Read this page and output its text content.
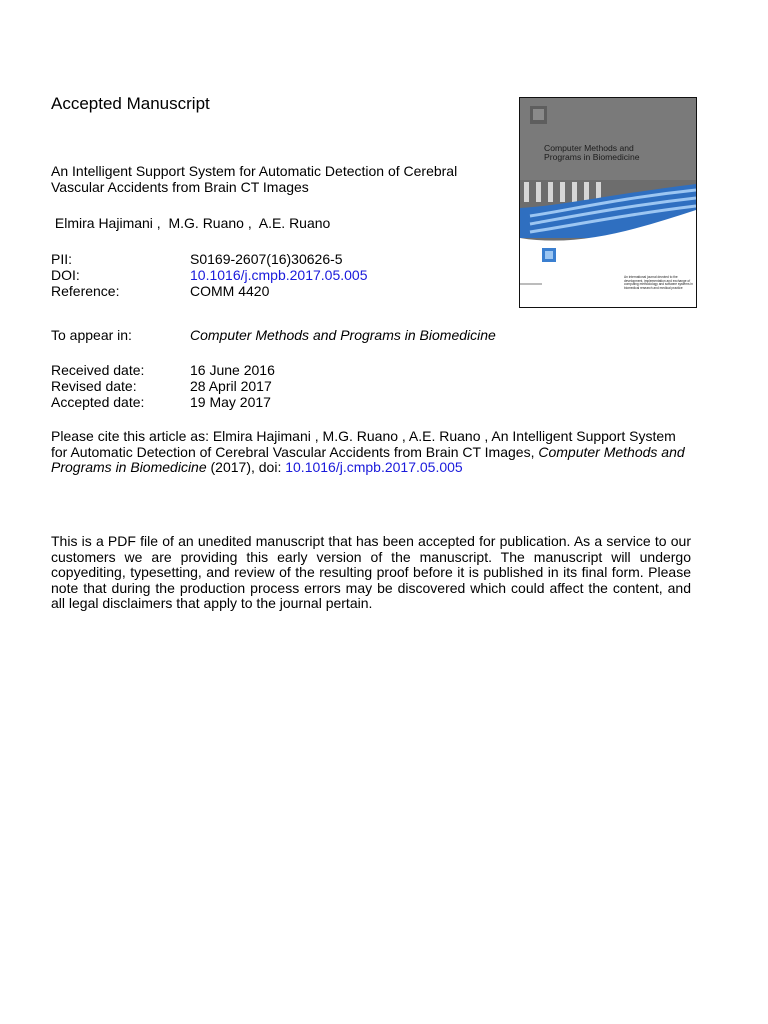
Accepted Manuscript
An Intelligent Support System for Automatic Detection of Cerebral Vascular Accidents from Brain CT Images
Elmira Hajimani ,  M.G. Ruano ,  A.E. Ruano
PII:	S0169-2607(16)30626-5
DOI:	10.1016/j.cmpb.2017.05.005
Reference:	COMM 4420
To appear in:	Computer Methods and Programs in Biomedicine
Received date:	16 June 2016
Revised date:	28 April 2017
Accepted date:	19 May 2017
Please cite this article as: Elmira Hajimani , M.G. Ruano , A.E. Ruano , An Intelligent Support System for Automatic Detection of Cerebral Vascular Accidents from Brain CT Images, Computer Methods and Programs in Biomedicine (2017), doi: 10.1016/j.cmpb.2017.05.005
This is a PDF file of an unedited manuscript that has been accepted for publication. As a service to our customers we are providing this early version of the manuscript. The manuscript will undergo copyediting, typesetting, and review of the resulting proof before it is published in its final form. Please note that during the production process errors may be discovered which could affect the content, and all legal disclaimers that apply to the journal pertain.
Computer Methods and Programs in Biomedicine
An international journal devoted to the development, implementation and exchange of computing methodology and software systems in biomedical research and medical practice
